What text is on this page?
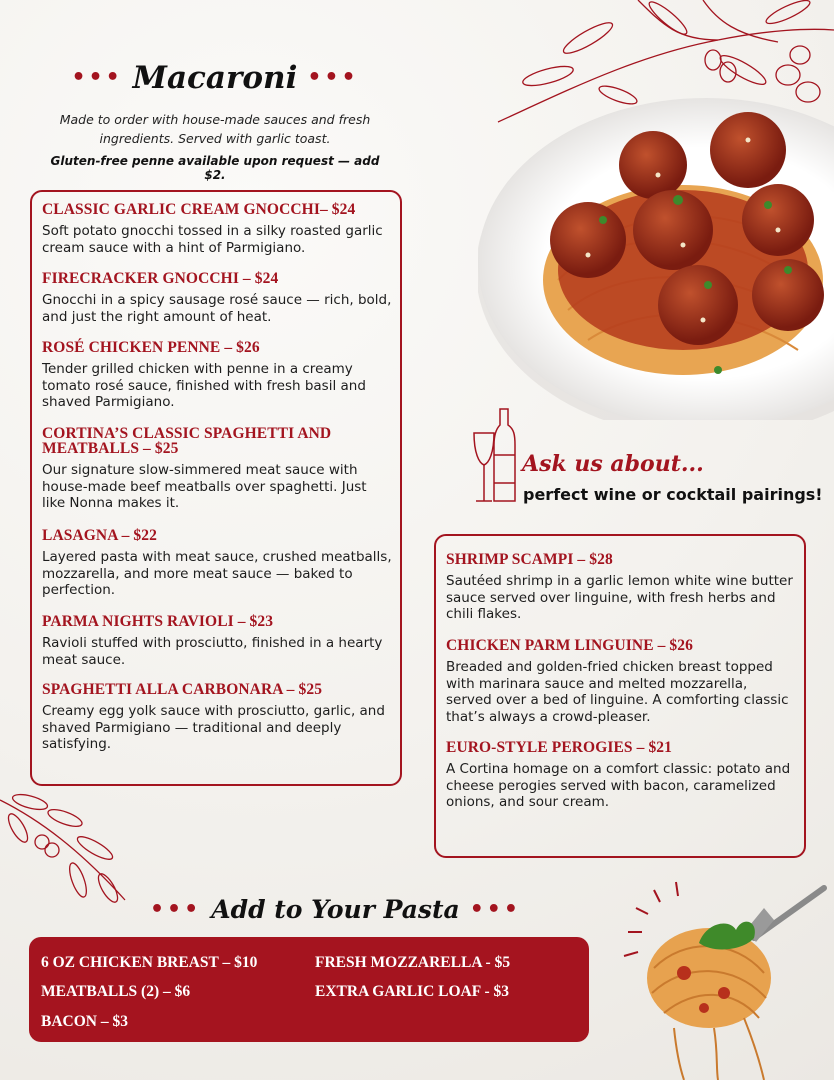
••• Macaroni •••
Made to order with house-made sauces and fresh ingredients. Served with garlic toast.
Gluten-free penne available upon request — add $2.
CLASSIC GARLIC CREAM GNOCCHI– $24
Soft potato gnocchi tossed in a silky roasted garlic cream sauce with a hint of Parmigiano.
FIRECRACKER GNOCCHI – $24
Gnocchi in a spicy sausage rosé sauce — rich, bold, and just the right amount of heat.
ROSÉ CHICKEN PENNE – $26
Tender grilled chicken with penne in a creamy tomato rosé sauce, finished with fresh basil and shaved Parmigiano.
CORTINA’S CLASSIC SPAGHETTI AND MEATBALLS – $25
Our signature slow-simmered meat sauce with house-made beef meatballs over spaghetti. Just like Nonna makes it.
LASAGNA – $22
Layered pasta with meat sauce, crushed meatballs, mozzarella, and more meat sauce — baked to perfection.
PARMA NIGHTS RAVIOLI – $23
Ravioli stuffed with prosciutto, finished in a hearty meat sauce.
SPAGHETTI ALLA CARBONARA – $25
Creamy egg yolk sauce with prosciutto, garlic, and shaved Parmigiano — traditional and deeply satisfying.
Ask us about...
perfect wine or cocktail pairings!
SHRIMP SCAMPI – $28
Sautéed shrimp in a garlic lemon white wine butter sauce served over linguine, with fresh herbs and chili flakes.
CHICKEN PARM LINGUINE – $26
Breaded and golden-fried chicken breast topped with marinara sauce and melted mozzarella, served over a bed of linguine. A comforting classic that’s always a crowd-pleaser.
EURO-STYLE PEROGIES – $21
A Cortina homage on a comfort classic: potato and cheese perogies served with bacon, caramelized onions, and sour cream.
••• Add to Your Pasta •••
6 OZ CHICKEN BREAST – $10
MEATBALLS (2) – $6
BACON – $3
FRESH MOZZARELLA - $5
EXTRA GARLIC LOAF - $3
